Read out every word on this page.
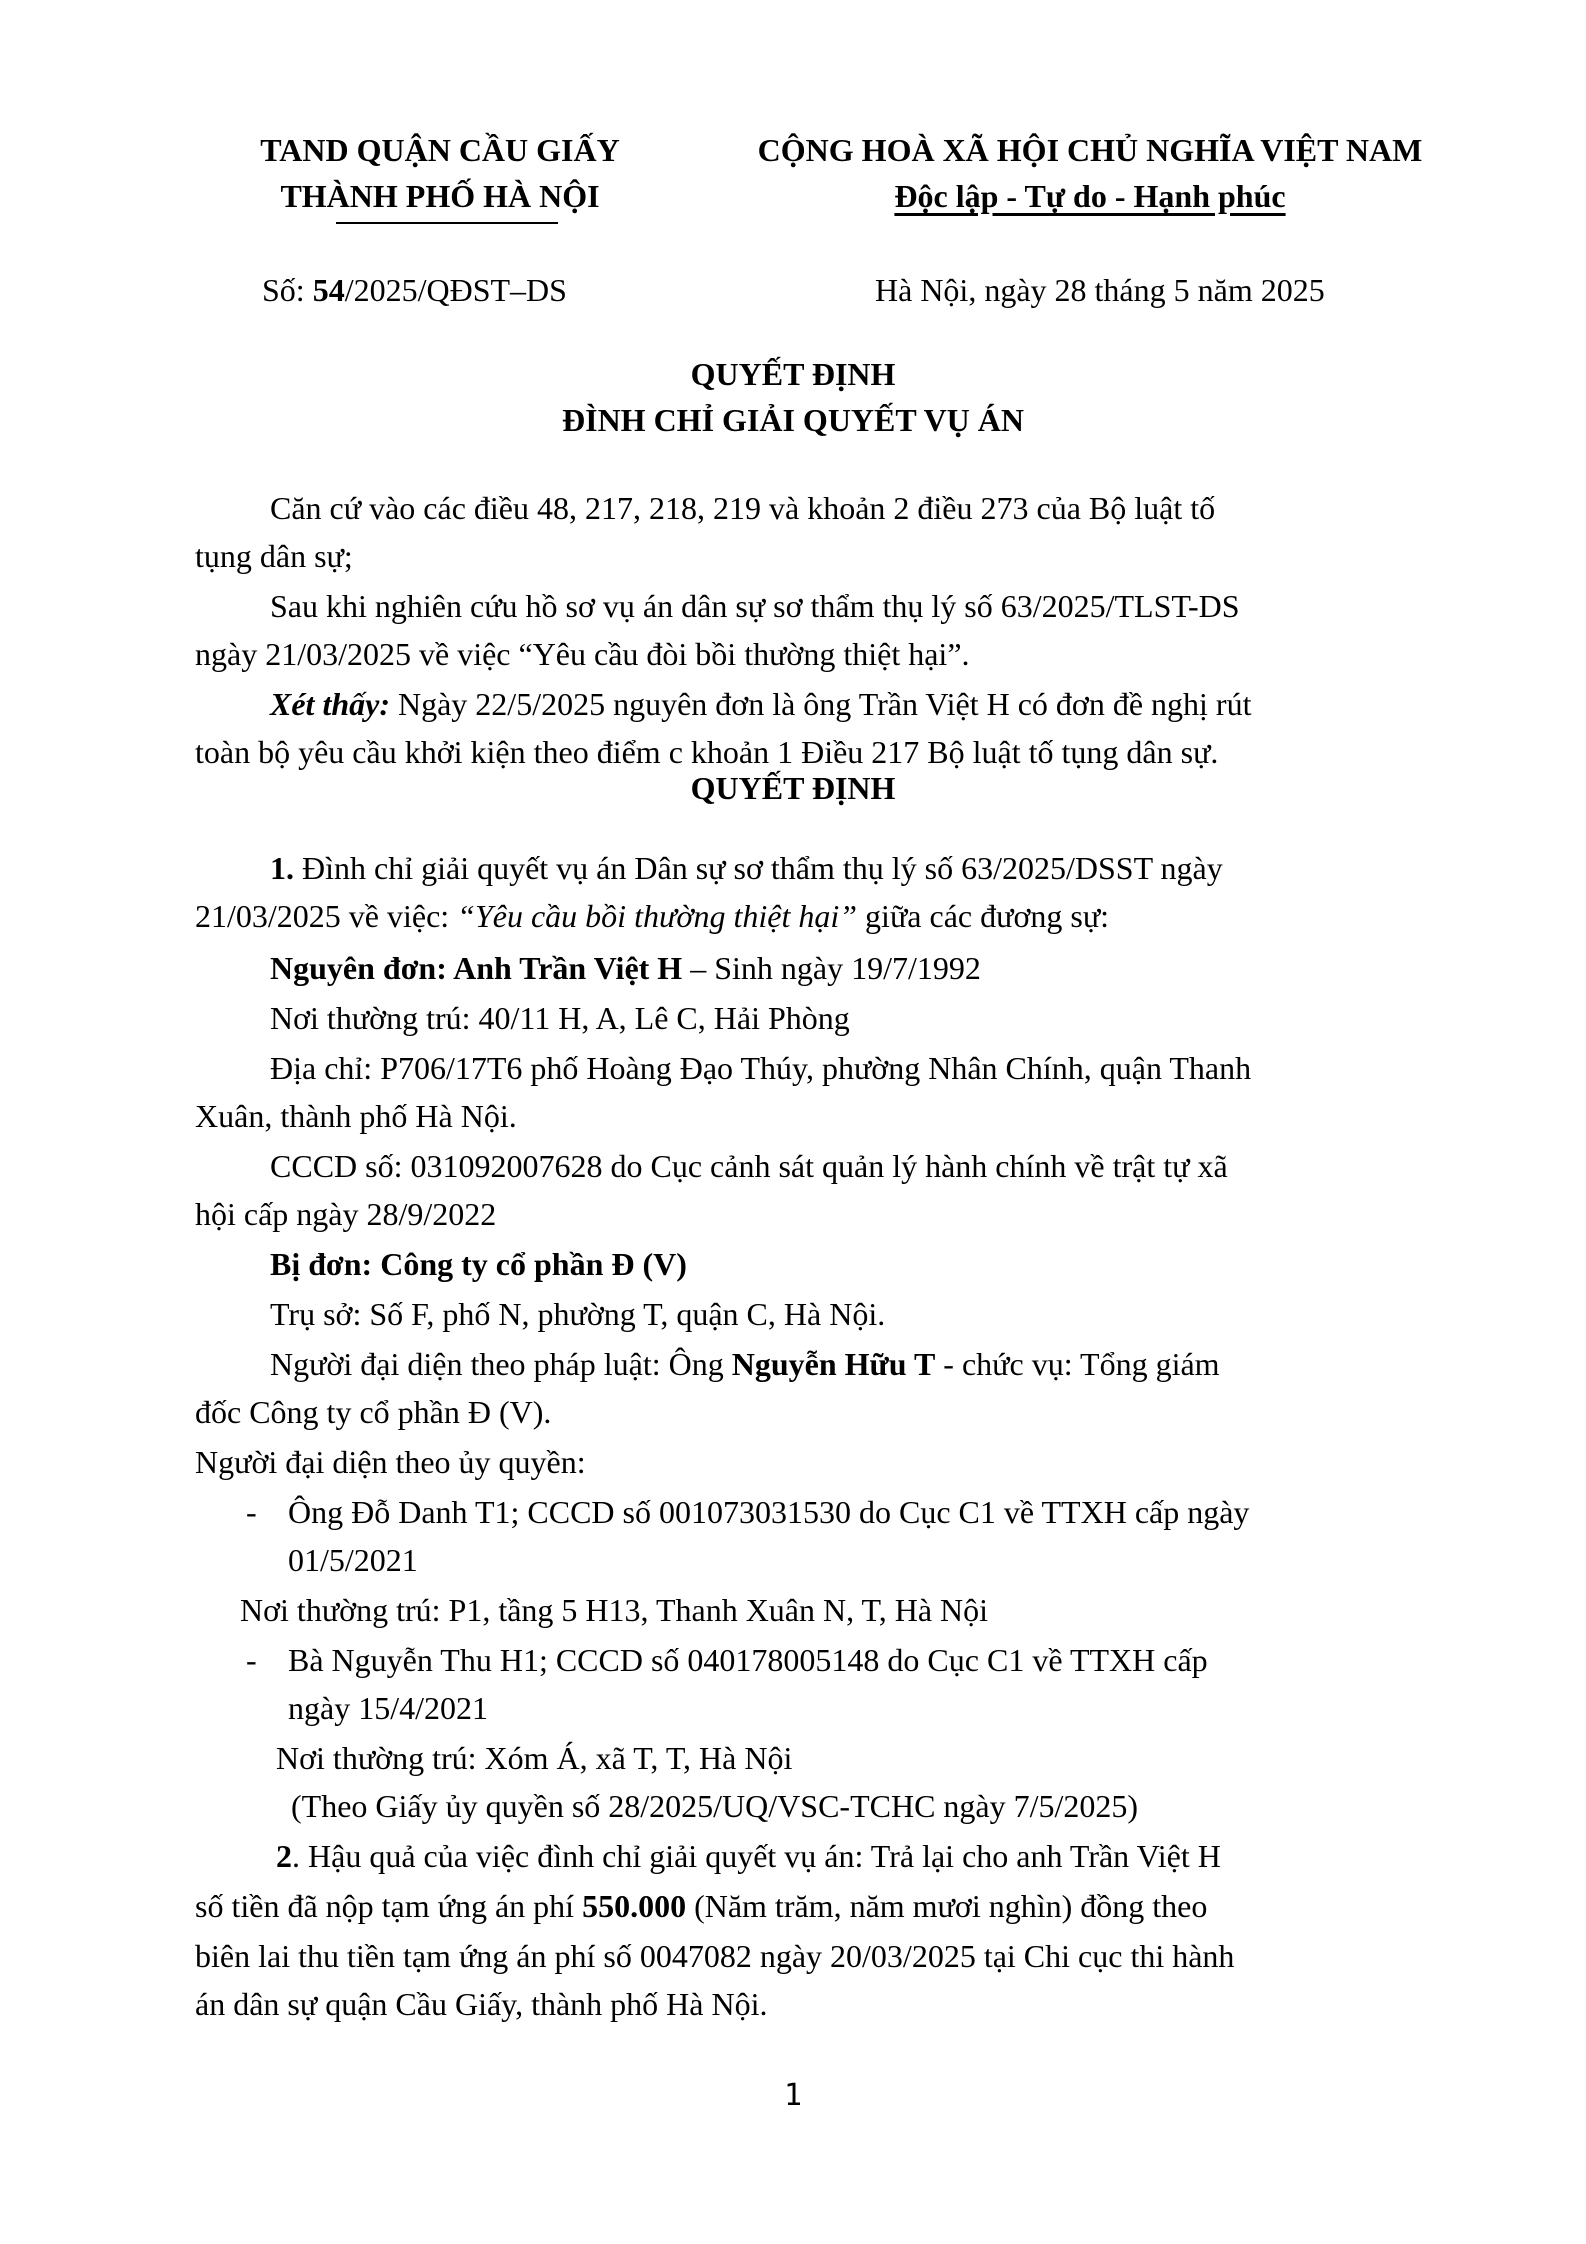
TAND QUẬN CẦU GIẤY
THÀNH PHỐ HÀ NỘI
CỘNG HOÀ XÃ HỘI CHỦ NGHĨA VIỆT NAM
Độc lập - Tự do - Hạnh phúc
Số: 54/2025/QĐST–DS	Hà Nội, ngày 28 tháng 5 năm 2025
QUYẾT ĐỊNH
ĐÌNH CHỈ GIẢI QUYẾT VỤ ÁN
Căn cứ vào các điều 48, 217, 218, 219 và khoản 2 điều 273 của Bộ luật tố
tụng dân sự;
Sau khi nghiên cứu hồ sơ vụ án dân sự sơ thẩm thụ lý số 63/2025/TLST-DS
ngày 21/03/2025 về việc “Yêu cầu đòi bồi thường thiệt hại”.
Xét thấy: Ngày 22/5/2025 nguyên đơn là ông Trần Việt H có đơn đề nghị rút
toàn bộ yêu cầu khởi kiện theo điểm c khoản 1 Điều 217 Bộ luật tố tụng dân sự.
QUYẾT ĐỊNH
1. Đình chỉ giải quyết vụ án Dân sự sơ thẩm thụ lý số 63/2025/DSST ngày
21/03/2025 về việc: “Yêu cầu bồi thường thiệt hại” giữa các đương sự:
Nguyên đơn: Anh Trần Việt H – Sinh ngày 19/7/1992
Nơi thường trú: 40/11 H, A, Lê C, Hải Phòng
Địa chỉ: P706/17T6 phố Hoàng Đạo Thúy, phường Nhân Chính, quận Thanh
Xuân, thành phố Hà Nội.
CCCD số: 031092007628 do Cục cảnh sát quản lý hành chính về trật tự xã
hội cấp ngày 28/9/2022
Bị đơn: Công ty cổ phần Đ (V)
Trụ sở: Số F, phố N, phường T, quận C, Hà Nội.
Người đại diện theo pháp luật: Ông Nguyễn Hữu T - chức vụ: Tổng giám
đốc Công ty cổ phần Đ (V).
Người đại diện theo ủy quyền:
- Ông Đỗ Danh T1; CCCD số 001073031530 do Cục C1 về TTXH cấp ngày
01/5/2021
Nơi thường trú: P1, tầng 5 H13, Thanh Xuân N, T, Hà Nội
- Bà Nguyễn Thu H1; CCCD số 040178005148 do Cục C1 về TTXH cấp
ngày 15/4/2021
Nơi thường trú: Xóm Á, xã T, T, Hà Nội
(Theo Giấy ủy quyền số 28/2025/UQ/VSC-TCHC ngày 7/5/2025)
2. Hậu quả của việc đình chỉ giải quyết vụ án: Trả lại cho anh Trần Việt H
số tiền đã nộp tạm ứng án phí 550.000 (Năm trăm, năm mươi nghìn) đồng theo
biên lai thu tiền tạm ứng án phí số 0047082 ngày 20/03/2025 tại Chi cục thi hành
án dân sự quận Cầu Giấy, thành phố Hà Nội.
1
